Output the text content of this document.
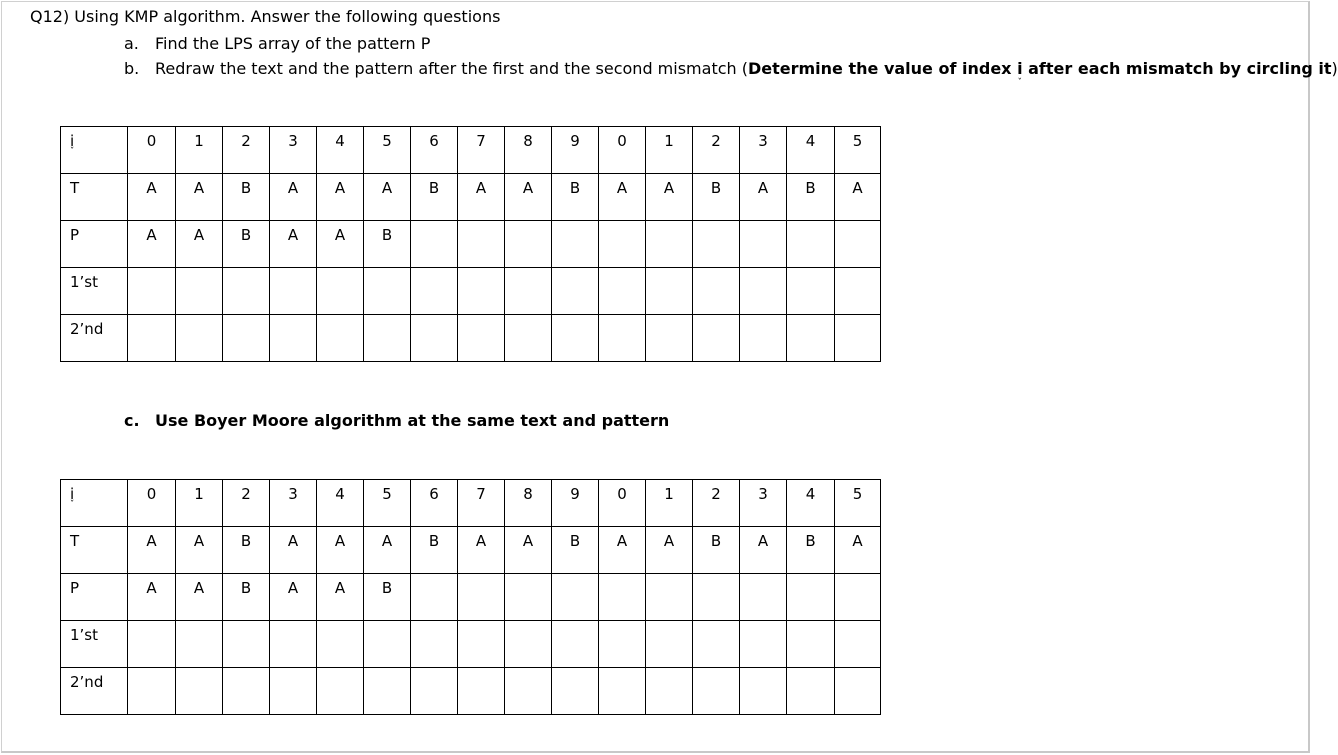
Q12) Using KMP algorithm. Answer the following questions
a. Find the LPS array of the pattern P
b. Redraw the text and the pattern after the first and the second mismatch (Determine the value of index i
ˇ
after each mismatch by circling it)
i
ˇ	0	1	2	3	4	5	6	7	8	9	0	1	2	3	4	5

T	A	A	B	A	A	A	B	A	A	B	A	A	B	A	B	A

P	A	A	B	A	A	B										

1’st																

2’nd																

c. Use Boyer Moore algorithm at the same text and pattern
i
ˇ	0	1	2	3	4	5	6	7	8	9	0	1	2	3	4	5

T	A	A	B	A	A	A	B	A	A	B	A	A	B	A	B	A

P	A	A	B	A	A	B										

1’st																

2’nd																
